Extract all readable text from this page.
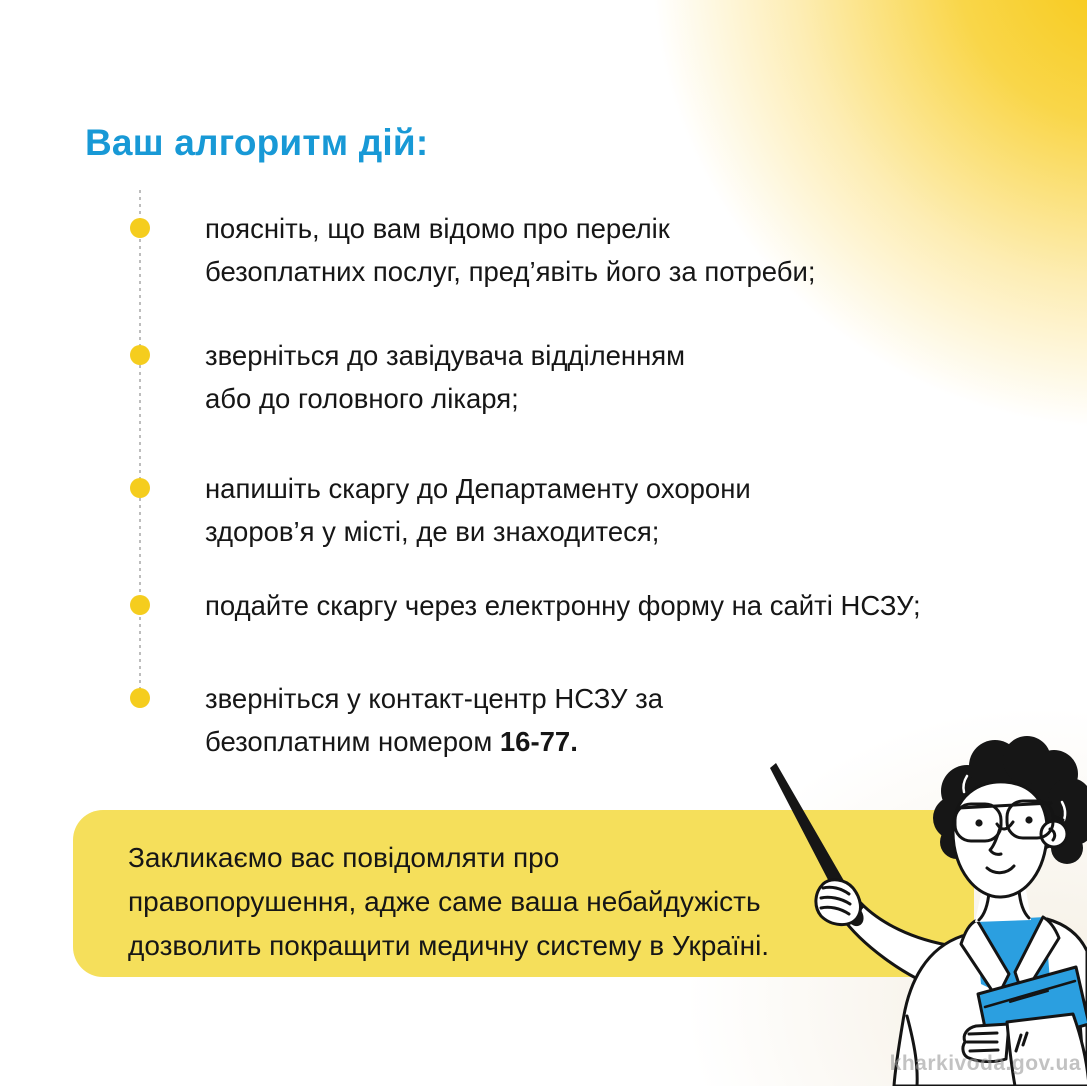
Ваш алгоритм дій:
поясніть, що вам відомо про перелік
безоплатних послуг, пред’явіть його за потреби;
зверніться до завідувача відділенням
або до головного лікаря;
напишіть скаргу до Департаменту охорони
здоров’я у місті, де ви знаходитеся;
подайте скаргу через електронну форму на сайті НСЗУ;
зверніться у контакт-центр НСЗУ за
безоплатним номером 16-77.
Закликаємо вас повідомляти про
правопорушення, адже саме ваша небайдужість
дозволить покращити медичну систему в Україні.
kharkivoda.gov.ua
